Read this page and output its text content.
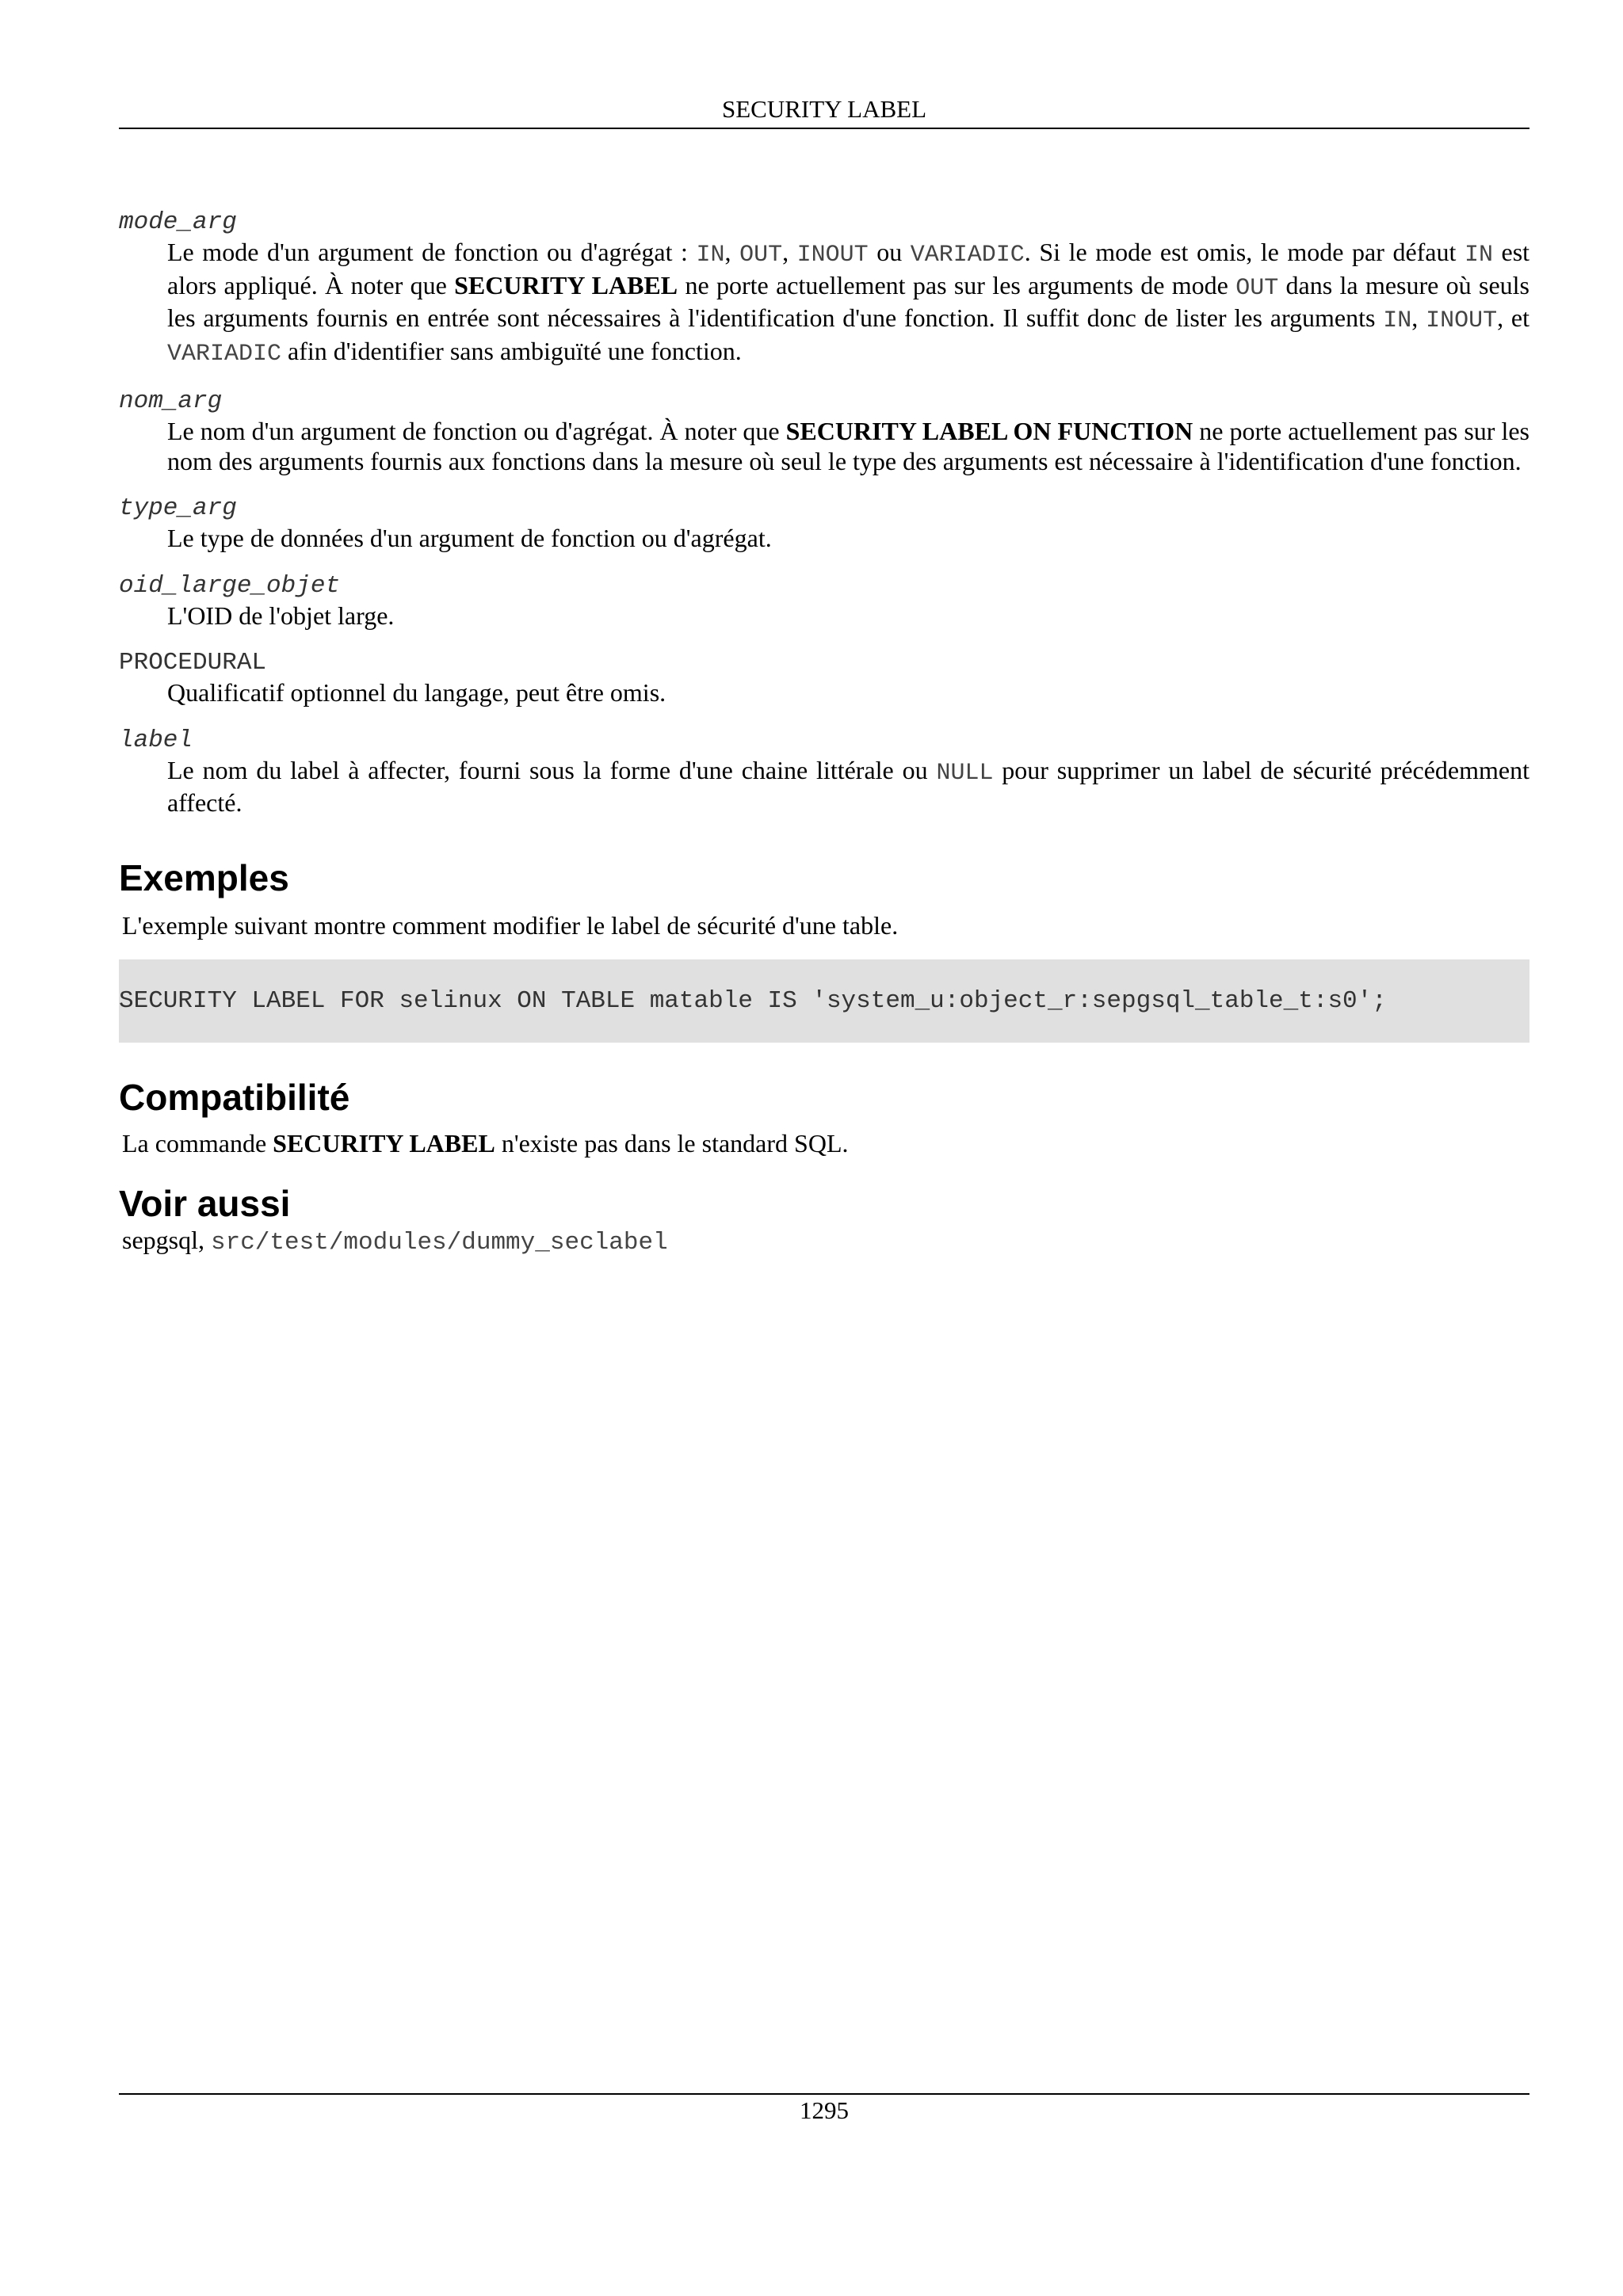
SECURITY LABEL
mode_arg

Le mode d'un argument de fonction ou d'agrégat : IN, OUT, INOUT ou VARIADIC. Si le mode est omis, le mode par défaut IN est alors appliqué. À noter que SECURITY LABEL ne porte actuellement pas sur les arguments de mode OUT dans la mesure où seuls les arguments fournis en entrée sont nécessaires à l'identification d'une fonction. Il suffit donc de lister les arguments IN, INOUT, et VARIADIC afin d'identifier sans ambiguïté une fonction.

nom_arg

Le nom d'un argument de fonction ou d'agrégat. À noter que SECURITY LABEL ON FUNCTION ne porte actuellement pas sur les nom des arguments fournis aux fonctions dans la mesure où seul le type des arguments est nécessaire à l'identification d'une fonction.

type_arg

Le type de données d'un argument de fonction ou d'agrégat.

oid_large_objet

L'OID de l'objet large.

PROCEDURAL

Qualificatif optionnel du langage, peut être omis.

label

Le nom du label à affecter, fourni sous la forme d'une chaine littérale ou NULL pour supprimer un label de sécurité précédemment affecté.

Exemples

L'exemple suivant montre comment modifier le label de sécurité d'une table.

SECURITY LABEL FOR selinux ON TABLE matable IS 'system_u:object_r:sepgsql_table_t:s0';
Compatibilité

La commande SECURITY LABEL n'existe pas dans le standard SQL.

Voir aussi

sepgsql, src/test/modules/dummy_seclabel

1295
